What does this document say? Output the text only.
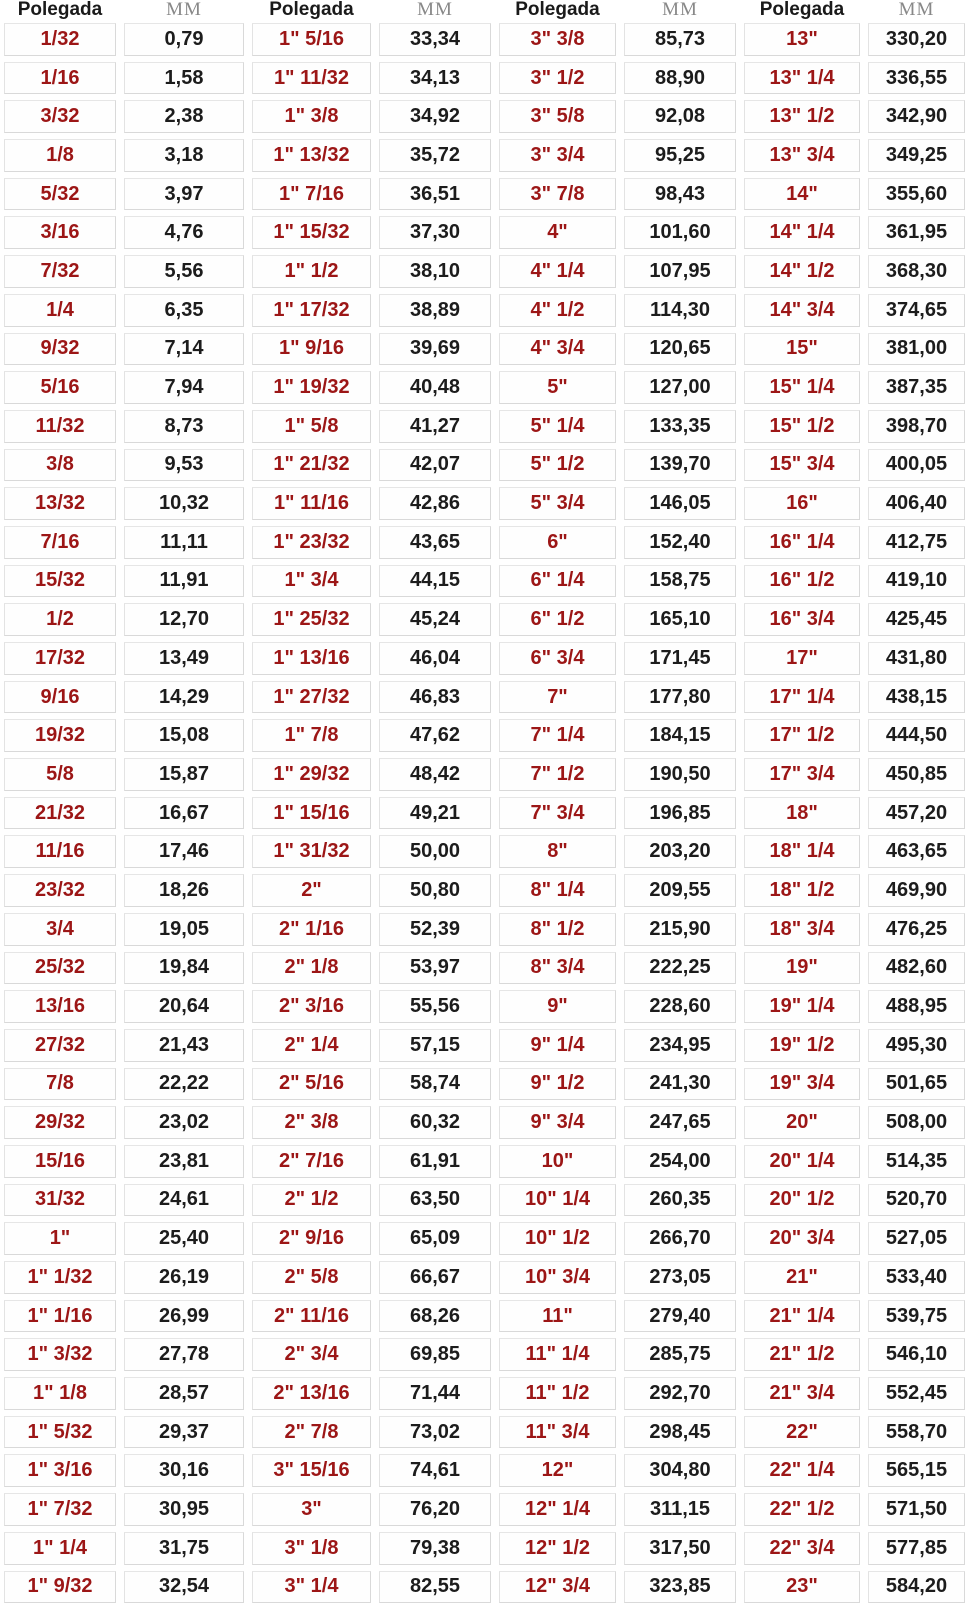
Polegada	MM	Polegada	MM	Polegada	MM	Polegada	MM
1/32	0,79	1" 5/16	33,34	3" 3/8	85,73	13"	330,20
1/16	1,58	1" 11/32	34,13	3" 1/2	88,90	13" 1/4	336,55
3/32	2,38	1" 3/8	34,92	3" 5/8	92,08	13" 1/2	342,90
1/8	3,18	1" 13/32	35,72	3" 3/4	95,25	13" 3/4	349,25
5/32	3,97	1" 7/16	36,51	3" 7/8	98,43	14"	355,60
3/16	4,76	1" 15/32	37,30	4"	101,60	14" 1/4	361,95
7/32	5,56	1" 1/2	38,10	4" 1/4	107,95	14" 1/2	368,30
1/4	6,35	1" 17/32	38,89	4" 1/2	114,30	14" 3/4	374,65
9/32	7,14	1" 9/16	39,69	4" 3/4	120,65	15"	381,00
5/16	7,94	1" 19/32	40,48	5"	127,00	15" 1/4	387,35
11/32	8,73	1" 5/8	41,27	5" 1/4	133,35	15" 1/2	398,70
3/8	9,53	1" 21/32	42,07	5" 1/2	139,70	15" 3/4	400,05
13/32	10,32	1" 11/16	42,86	5" 3/4	146,05	16"	406,40
7/16	11,11	1" 23/32	43,65	6"	152,40	16" 1/4	412,75
15/32	11,91	1" 3/4	44,15	6" 1/4	158,75	16" 1/2	419,10
1/2	12,70	1" 25/32	45,24	6" 1/2	165,10	16" 3/4	425,45
17/32	13,49	1" 13/16	46,04	6" 3/4	171,45	17"	431,80
9/16	14,29	1" 27/32	46,83	7"	177,80	17" 1/4	438,15
19/32	15,08	1" 7/8	47,62	7" 1/4	184,15	17" 1/2	444,50
5/8	15,87	1" 29/32	48,42	7" 1/2	190,50	17" 3/4	450,85
21/32	16,67	1" 15/16	49,21	7" 3/4	196,85	18"	457,20
11/16	17,46	1" 31/32	50,00	8"	203,20	18" 1/4	463,65
23/32	18,26	2"	50,80	8" 1/4	209,55	18" 1/2	469,90
3/4	19,05	2" 1/16	52,39	8" 1/2	215,90	18" 3/4	476,25
25/32	19,84	2" 1/8	53,97	8" 3/4	222,25	19"	482,60
13/16	20,64	2" 3/16	55,56	9"	228,60	19" 1/4	488,95
27/32	21,43	2" 1/4	57,15	9" 1/4	234,95	19" 1/2	495,30
7/8	22,22	2" 5/16	58,74	9" 1/2	241,30	19" 3/4	501,65
29/32	23,02	2" 3/8	60,32	9" 3/4	247,65	20"	508,00
15/16	23,81	2" 7/16	61,91	10"	254,00	20" 1/4	514,35
31/32	24,61	2" 1/2	63,50	10" 1/4	260,35	20" 1/2	520,70
1"	25,40	2" 9/16	65,09	10" 1/2	266,70	20" 3/4	527,05
1" 1/32	26,19	2" 5/8	66,67	10" 3/4	273,05	21"	533,40
1" 1/16	26,99	2" 11/16	68,26	11"	279,40	21" 1/4	539,75
1" 3/32	27,78	2" 3/4	69,85	11" 1/4	285,75	21" 1/2	546,10
1" 1/8	28,57	2" 13/16	71,44	11" 1/2	292,70	21" 3/4	552,45
1" 5/32	29,37	2" 7/8	73,02	11" 3/4	298,45	22"	558,70
1" 3/16	30,16	3" 15/16	74,61	12"	304,80	22" 1/4	565,15
1" 7/32	30,95	3"	76,20	12" 1/4	311,15	22" 1/2	571,50
1" 1/4	31,75	3" 1/8	79,38	12" 1/2	317,50	22" 3/4	577,85
1" 9/32	32,54	3" 1/4	82,55	12" 3/4	323,85	23"	584,20
